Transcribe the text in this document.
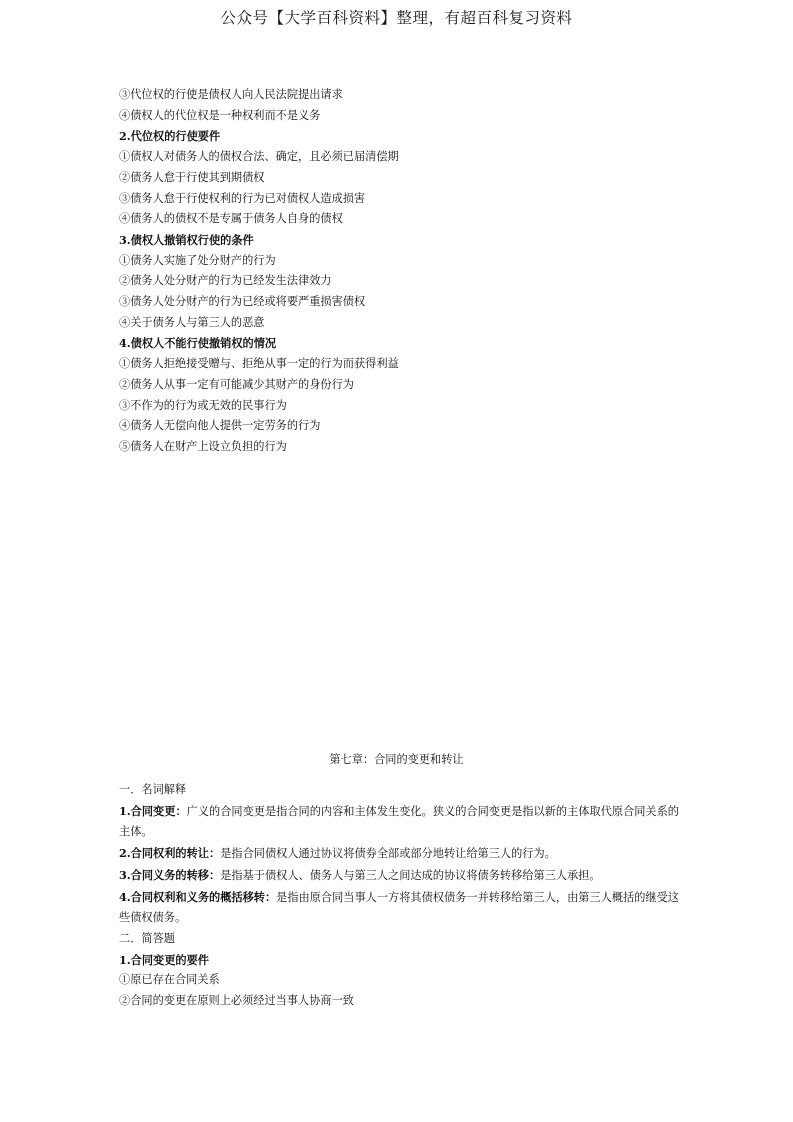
公众号【大学百科资料】整理，有超百科复习资料
③代位权的行使是债权人向人民法院提出请求
④债权人的代位权是一种权利而不是义务
2.代位权的行使要件
①债权人对债务人的债权合法、确定，且必须已届清偿期
②债务人怠于行使其到期债权
③债务人怠于行使权利的行为已对债权人造成损害
④债务人的债权不是专属于债务人自身的债权
3.债权人撤销权行使的条件
①债务人实施了处分财产的行为
②债务人处分财产的行为已经发生法律效力
③债务人处分财产的行为已经或将要严重损害债权
④关于债务人与第三人的恶意
4.债权人不能行使撤销权的情况
①债务人拒绝接受赠与、拒绝从事一定的行为而获得利益
②债务人从事一定有可能减少其财产的身份行为
③不作为的行为或无效的民事行为
④债务人无偿向他人提供一定劳务的行为
⑤债务人在财产上设立负担的行为
第七章：合同的变更和转让
一．名词解释
1.合同变更：广义的合同变更是指合同的内容和主体发生变化。狭义的合同变更是指以新的主体取代原合同关系的主体。
2.合同权利的转让：是指合同债权人通过协议将债券全部或部分地转让给第三人的行为。
3.合同义务的转移：是指基于债权人、债务人与第三人之间达成的协议将债务转移给第三人承担。
4.合同权利和义务的概括移转：是指由原合同当事人一方将其债权债务一并转移给第三人，由第三人概括的继受这些债权债务。
二．简答题
1.合同变更的要件
①原已存在合同关系
②合同的变更在原则上必须经过当事人协商一致
